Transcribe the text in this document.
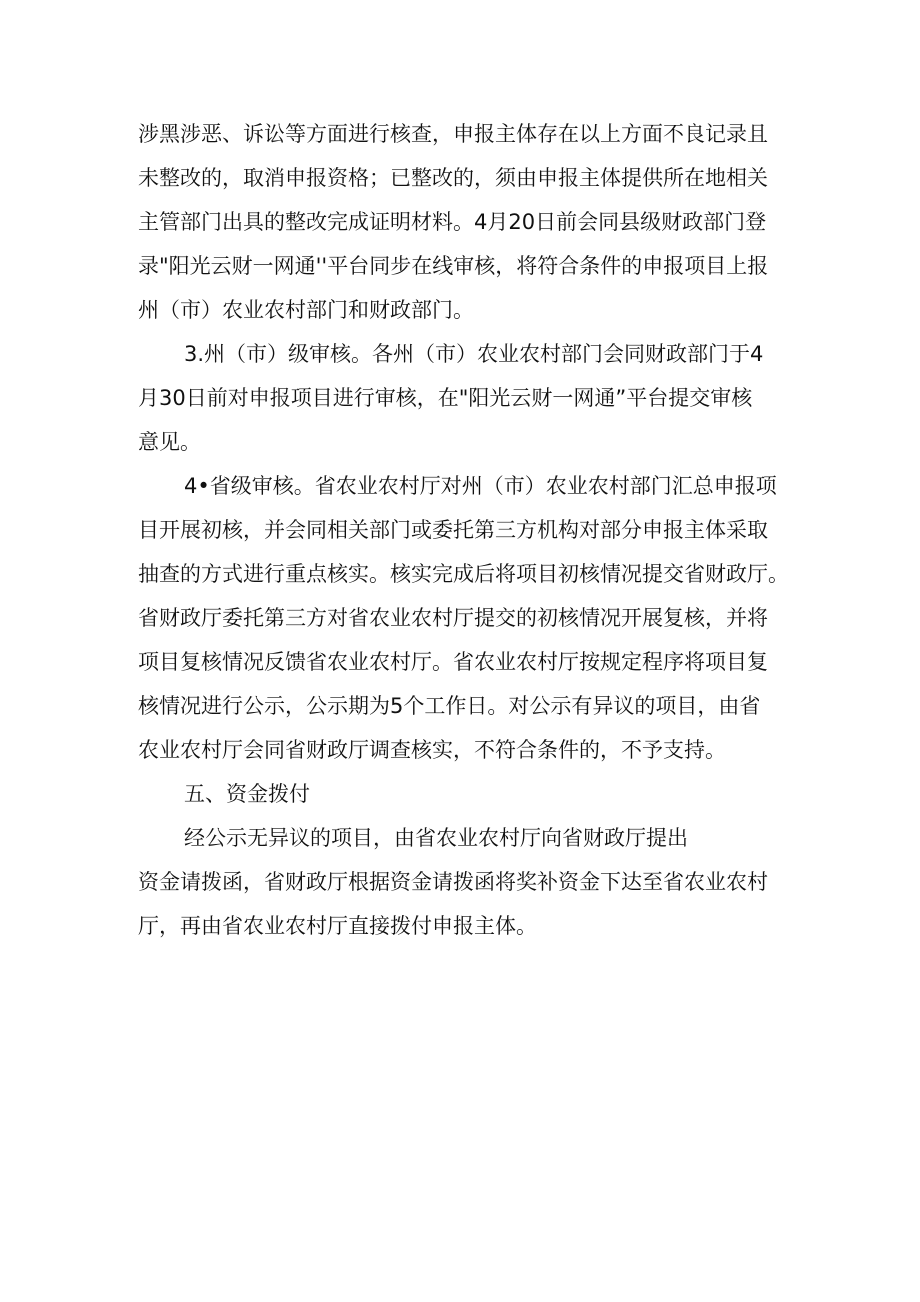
涉黑涉恶、诉讼等方面进行核查，申报主体存在以上方面不良记录且
未整改的，取消申报资格；已整改的，须由申报主体提供所在地相关
主管部门出具的整改完成证明材料。4月20日前会同县级财政部门登
录"阳光云财一网通''平台同步在线审核，将符合条件的申报项目上报
州（市）农业农村部门和财政部门。
3.州（市）级审核。各州（市）农业农村部门会同财政部门于4
月30日前对申报项目进行审核，在"阳光云财一网通”平台提交审核
意见。
4•省级审核。省农业农村厅对州（市）农业农村部门汇总申报项
目开展初核，并会同相关部门或委托第三方机构对部分申报主体采取
抽查的方式进行重点核实。核实完成后将项目初核情况提交省财政厅。
省财政厅委托第三方对省农业农村厅提交的初核情况开展复核，并将
项目复核情况反馈省农业农村厅。省农业农村厅按规定程序将项目复
核情况进行公示，公示期为5个工作日。对公示有异议的项目，由省
农业农村厅会同省财政厅调查核实，不符合条件的，不予支持。
五、资金拨付
经公示无异议的项目，由省农业农村厅向省财政厅提出
资金请拨函，省财政厅根据资金请拨函将奖补资金下达至省农业农村
厅，再由省农业农村厅直接拨付申报主体。
